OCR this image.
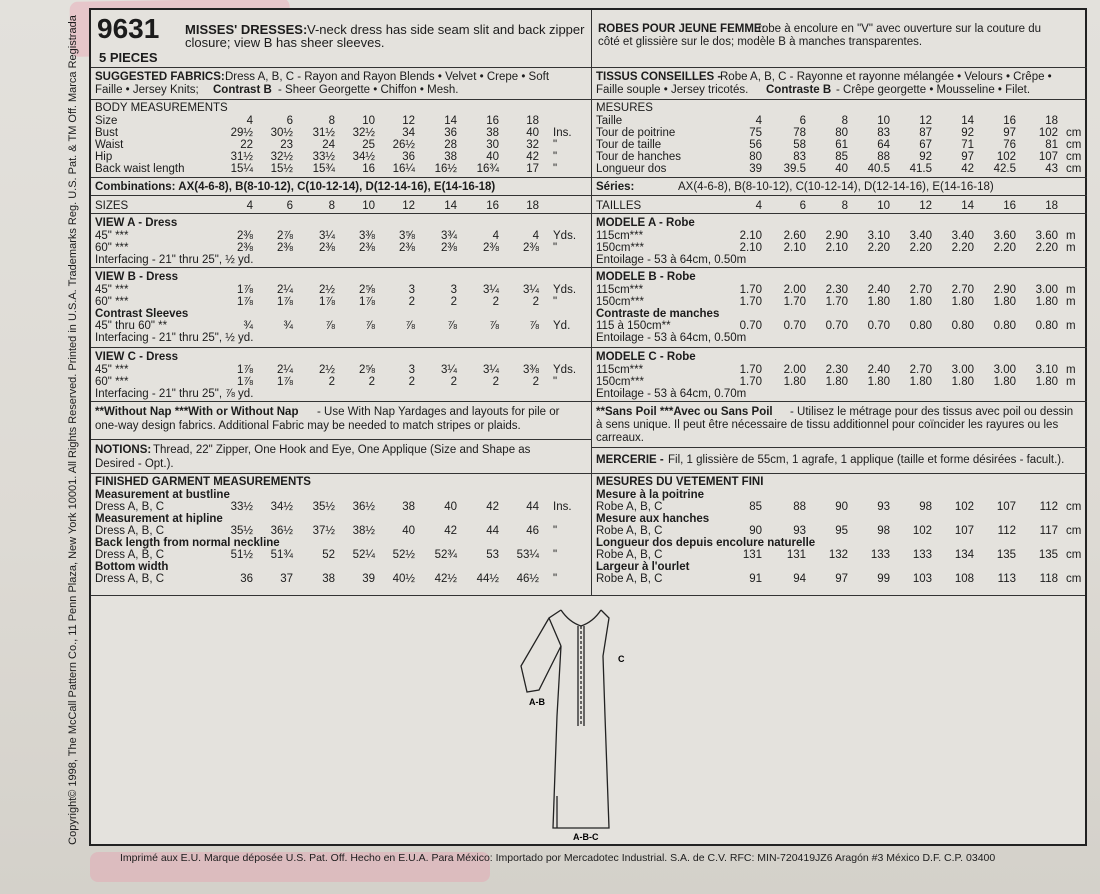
Copyright© 1998, The McCall Pattern Co., 11 Penn Plaza, New York 10001. All Rights Reserved. Printed in U.S.A. Trademarks Reg. U.S. Pat. & TM Off. Marca Registrada 9631 MISSES' DRESSES: V-neck dress has side seam slit and back zipper
closure; view B has sheer sleeves.
5 PIECES
SUGGESTED FABRICS: Dress A, B, C - Rayon and Rayon Blends • Velvet • Crepe • Soft
Faille • Jersey Knits; Contrast B - Sheer Georgette • Chiffon • Mesh.
BODY MEASUREMENTS
Size	4	6	8	10	12	14	16	18
Bust	29½	30½	31½	32½	34	36	38	40 Ins.
Waist	22	23	24	25	26½	28	30	32 "
Hip	31½	32½	33½	34½	36	38	40	42 "
Back waist length	15¼	15½	15¾	16	16¼	16½	16¾	17 "
Combinations: AX(4-6-8), B(8-10-12), C(10-12-14), D(12-14-16), E(14-16-18)
SIZES	4	6	8	10	12	14	16	18
VIEW A - Dress
45" ***	2⅜	2⅞	3¼	3⅜	3⅝	3¾	4	4 Yds.
60" ***	2⅜	2⅜	2⅜	2⅜	2⅜	2⅜	2⅜	2⅜ "
Interfacing - 21" thru 25", ½ yd.
VIEW B - Dress
45" ***	1⅞	2¼	2½	2⅝	3	3	3¼	3¼ Yds.
60" ***	1⅞	1⅞	1⅞	1⅞	2	2	2	2 "
Contrast Sleeves
45" thru 60" **	¾	¾	⅞	⅞	⅞	⅞	⅞	⅞ Yd.
Interfacing - 21" thru 25", ½ yd.
VIEW C - Dress
45" ***	1⅞	2¼	2½	2⅝	3	3¼	3¼	3⅜ Yds.
60" ***	1⅞	1⅞	2	2	2	2	2	2 "
Interfacing - 21" thru 25", ⅞ yd.
**Without Nap ***With or Without Nap - Use With Nap Yardages and layouts for pile or
one-way design fabrics. Additional Fabric may be needed to match stripes or plaids.
NOTIONS: Thread, 22" Zipper, One Hook and Eye, One Applique (Size and Shape as
Desired - Opt.).
FINISHED GARMENT MEASUREMENTS
Measurement at bustline
Dress A, B, C	33½	34½	35½	36½	38	40	42	44 Ins.
Measurement at hipline
Dress A, B, C	35½	36½	37½	38½	40	42	44	46 "
Back length from normal neckline
Dress A, B, C	51½	51¾	52	52¼	52½	52¾	53	53¼ "
Bottom width
Dress A, B, C	36	37	38	39	40½	42½	44½	46½ "
ROBES POUR JEUNE FEMME:
robe à encolure en "V" avec ouverture sur la couture du
côté et glissière sur le dos; modèle B à manches transparentes.
TISSUS CONSEILLES -
Robe A, B, C - Rayonne et rayonne mélangée • Velours • Crêpe •
Faille souple • Jersey tricotés. Contraste B - Crêpe georgette • Mousseline • Filet.
MESURES
Taille	4	6	8	10	12	14	16	18
Tour de poitrine	75	78	80	83	87	92	97	102 cm
Tour de taille	56	58	61	64	67	71	76	81 cm
Tour de hanches	80	83	85	88	92	97	102	107 cm
Longueur dos	39	39.5	40	40.5	41.5	42	42.5	43 cm
Séries:	AX(4-6-8), B(8-10-12), C(10-12-14), D(12-14-16), E(14-16-18)
TAILLES	4	6	8	10	12	14	16	18
MODELE A - Robe
115cm***	2.10	2.60	2.90	3.10	3.40	3.40	3.60	3.60 m
150cm***	2.10	2.10	2.10	2.20	2.20	2.20	2.20	2.20 m
Entoilage - 53 à 64cm, 0.50m
MODELE B - Robe
115cm***	1.70	2.00	2.30	2.40	2.70	2.70	2.90	3.00 m
150cm***	1.70	1.70	1.70	1.80	1.80	1.80	1.80	1.80 m
Contraste de manches
115 à 150cm**	0.70	0.70	0.70	0.70	0.80	0.80	0.80	0.80 m
Entoilage - 53 à 64cm, 0.50m
MODELE C - Robe
115cm***	1.70	2.00	2.30	2.40	2.70	3.00	3.00	3.10 m
150cm***	1.70	1.80	1.80	1.80	1.80	1.80	1.80	1.80 m
Entoilage - 53 à 64cm, 0.70m
**Sans Poil ***Avec ou Sans Poil - Utilisez le métrage pour des tissus avec poil ou dessin
à sens unique. Il peut être nécessaire de tissu additionnel pour coïncider les rayures ou les
carreaux.
MERCERIE - Fil, 1 glissière de 55cm, 1 agrafe, 1 applique (taille et forme désirées - facult.).
MESURES DU VETEMENT FINI
Mesure à la poitrine
Robe A, B, C	85	88	90	93	98	102	107	112 cm
Mesure aux hanches
Robe A, B, C	90	93	95	98	102	107	112	117 cm
Longueur dos depuis encolure naturelle
Robe A, B, C	131	131	132	133	133	134	135	135 cm
Largeur à l'ourlet
Robe A, B, C	91	94	97	99	103	108	113	118 cm
A-B
C
A-B-C
Imprimé aux E.U. Marque déposée U.S. Pat. Off. Hecho en E.U.A. Para México: Importado por Mercadotec Industrial. S.A. de C.V. RFC: MIN-720419JZ6 Aragón #3 México D.F. C.P. 03400
